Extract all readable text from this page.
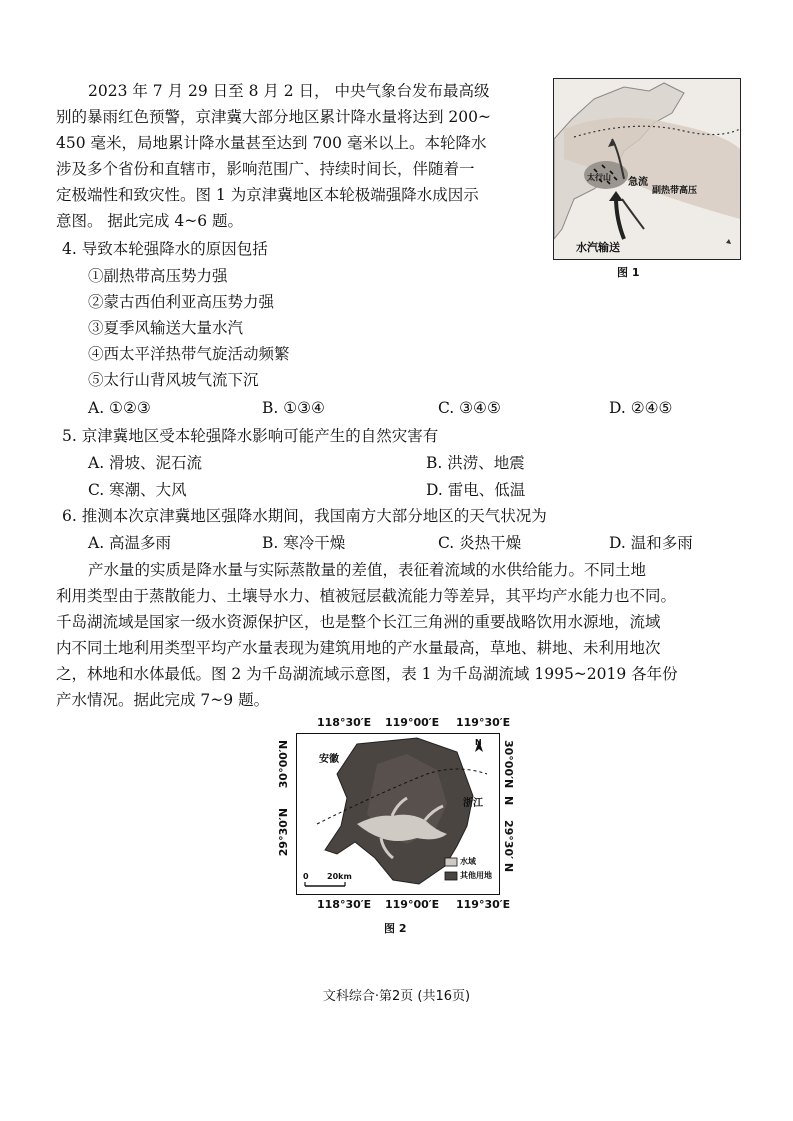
2023 年 7 月 29 日至 8 月 2 日， 中央气象台发布最高级
别的暴雨红色预警，京津冀大部分地区累计降水量将达到 200~
450 毫米，局地累计降水量甚至达到 700 毫米以上。本轮降水
涉及多个省份和直辖市，影响范围广、持续时间长，伴随着一
定极端性和致灾性。图 1 为京津冀地区本轮极端强降水成因示
意图。 据此完成 4~6 题。
太行山 急流
副热带高压
水汽输送
图 1
4. 导致本轮强降水的原因包括
①副热带高压势力强
②蒙古西伯利亚高压势力强
③夏季风输送大量水汽
④西太平洋热带气旋活动频繁
⑤太行山背风坡气流下沉
A. ①②③	B. ①③④	C. ③④⑤	D. ②④⑤
5. 京津冀地区受本轮强降水影响可能产生的自然灾害有
A. 滑坡、泥石流	B. 洪涝、地震
C. 寒潮、大风	D. 雷电、低温
6. 推测本次京津冀地区强降水期间，我国南方大部分地区的天气状况为
A. 高温多雨	B. 寒冷干燥	C. 炎热干燥	D. 温和多雨
产水量的实质是降水量与实际蒸散量的差值，表征着流域的水供给能力。不同土地
利用类型由于蒸散能力、土壤导水力、植被冠层截流能力等差异，其平均产水能力也不同。
千岛湖流域是国家一级水资源保护区，也是整个长江三角洲的重要战略饮用水源地，流域
内不同土地利用类型平均产水量表现为建筑用地的产水量最高，草地、耕地、未利用地次
之，林地和水体最低。图 2 为千岛湖流域示意图，表 1 为千岛湖流域 1995~2019 各年份
产水情况。据此完成 7~9 题。
118°30′E 119°00′E 119°30′E
118°30′E 119°00′E 119°30′E
30°00′N
29°30′N
30°00′N
N
29°30′ N
N
安徽
浙江
水域
其他用地
0 20km
图 2
文科综合·第2页 (共16页)
